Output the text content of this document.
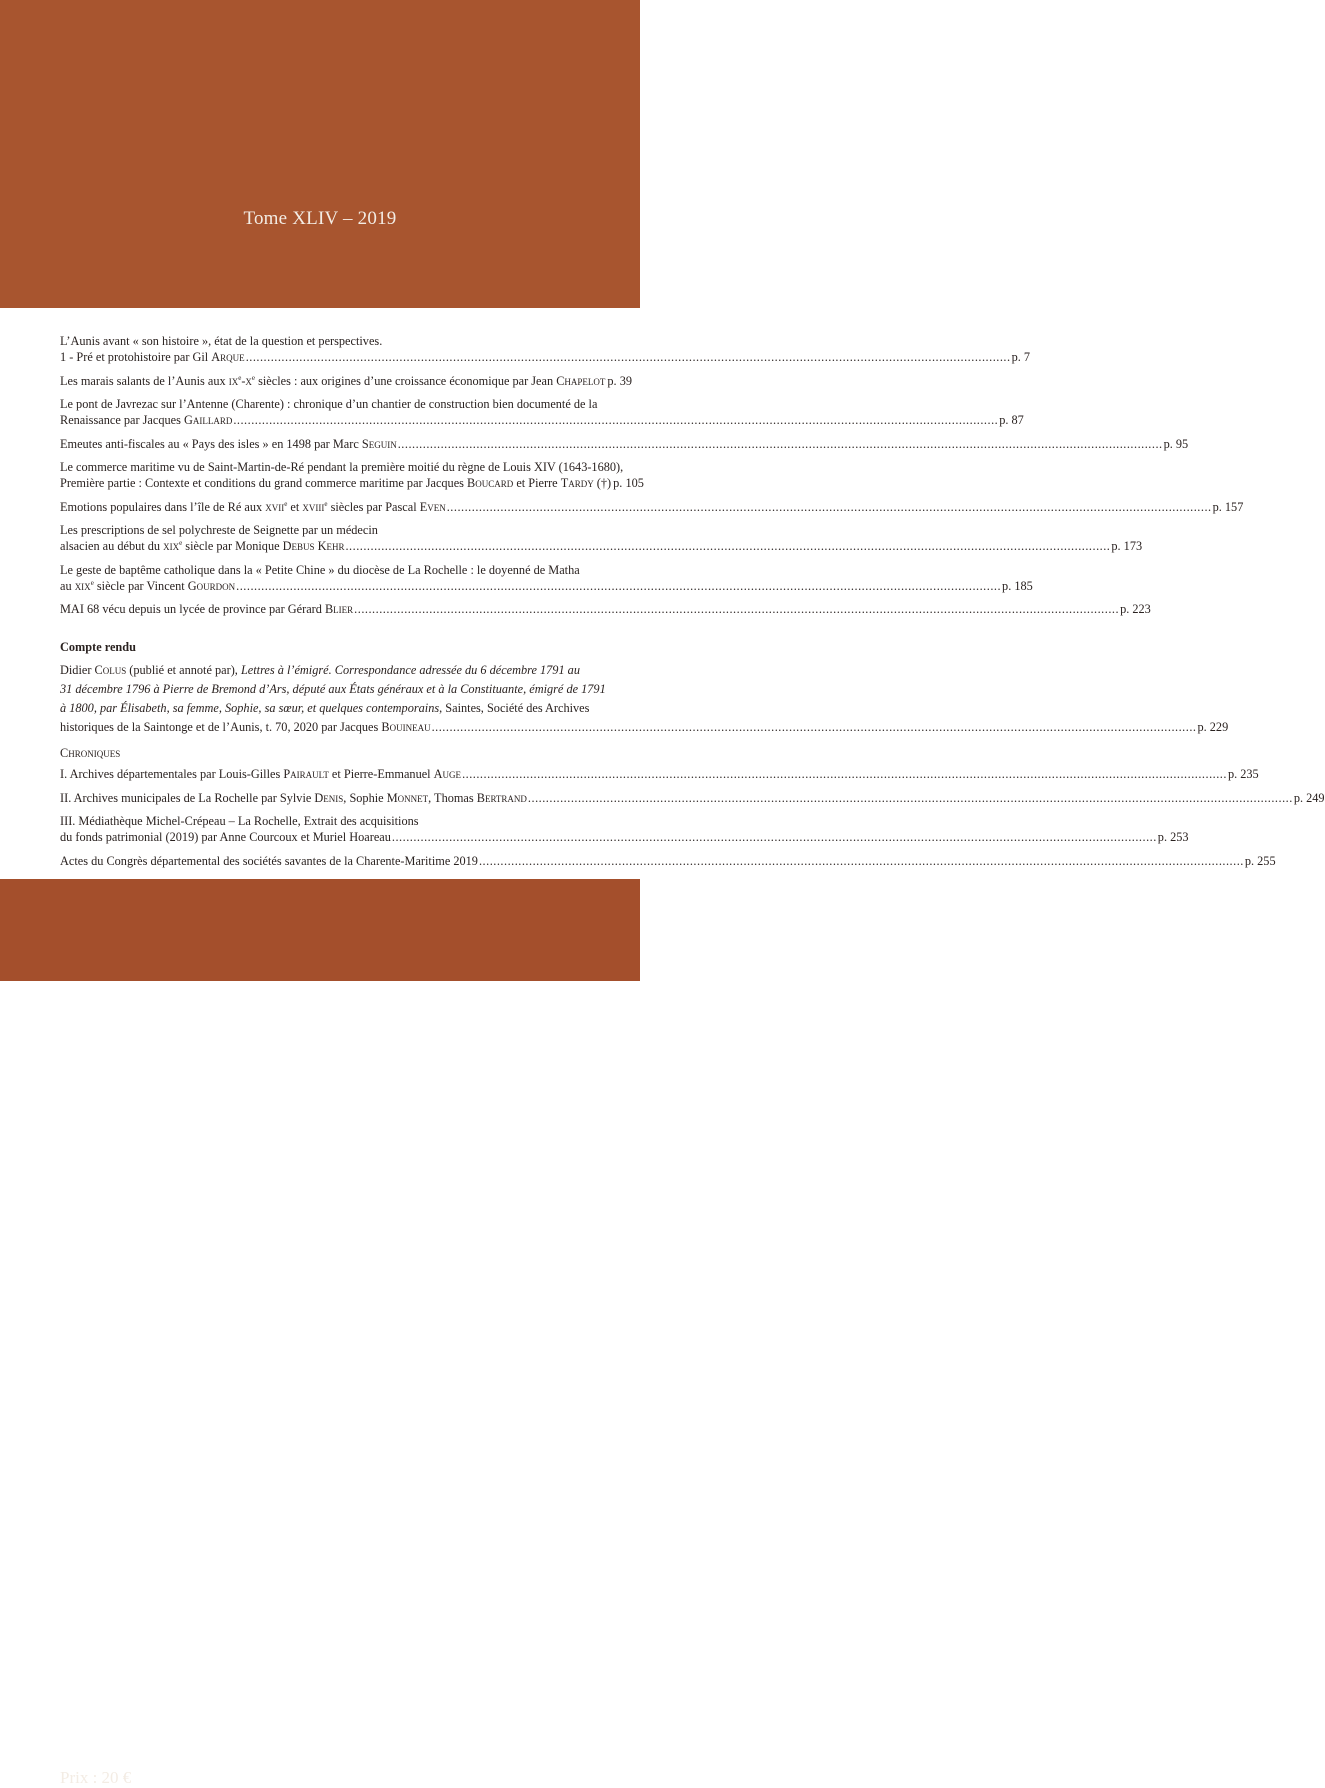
Tome XLIV – 2019
L’Aunis avant « son histoire », état de la question et perspectives.
1 - Pré et protohistoire par Gil Arque .....	p. 7
Les marais salants de l’Aunis aux $ix^e-x^e$ siècles : aux origines d’une croissance économique par Jean Chapelot p. 39
Le pont de Javrezac sur l’Antenne (Charente) : chronique d’un chantier de construction bien documenté de la
Renaissance par Jacques Gaillard .....	p. 87
Emeutes anti-fiscales au « Pays des isles » en 1498 par Marc Seguin .....	p. 95
Le commerce maritime vu de Saint-Martin-de-Ré pendant la première moitié du règne de Louis XIV (1643-1680),
Première partie : Contexte et conditions du grand commerce maritime par Jacques Boucard et Pierre Tardy (†) p. 105
Emotions populaires dans l’île de Ré aux xvii$^e$ et xviii$^e$ siècles par Pascal Even .....	p. 157
Les prescriptions de sel polychreste de Seignette par un médecin
alsacien au début du xix$^e$ siècle par Monique Debus Kehr .....	p. 173
Le geste de baptême catholique dans la « Petite Chine » du diocèse de La Rochelle : le doyenné de Matha
au xix$^e$ siècle par Vincent Gourdon .....	p. 185
MAI 68 vécu depuis un lycée de province par Gérard Blier .....	p. 223
Compte rendu
Didier Colus (publié et annoté par), Lettres à l’émigré. Correspondance adressée du 6 décembre 1791 au
31 décembre 1796 à Pierre de Bremond d’Ars, député aux États généraux et à la Constituante, émigré de 1791
à 1800, par Élisabeth, sa femme, Sophie, sa sœur, et quelques contemporains, Saintes, Société des Archives
historiques de la Saintonge et de l’Aunis, t. 70, 2020 par Jacques Bouineau .....	p. 229
Chroniques
I. Archives départementales par Louis-Gilles Pairault et Pierre-Emmanuel Auge .....	p. 235
II. Archives municipales de La Rochelle par Sylvie Denis, Sophie Monnet, Thomas Bertrand .....	p. 249
III. Médiathèque Michel-Crépeau – La Rochelle, Extrait des acquisitions
du fonds patrimonial (2019) par Anne Courcoux et Muriel Hoareau .....	p. 253
Actes du Congrès départemental des sociétés savantes de la Charente-Maritime 2019 .....	p. 255
Prix : 20 €
